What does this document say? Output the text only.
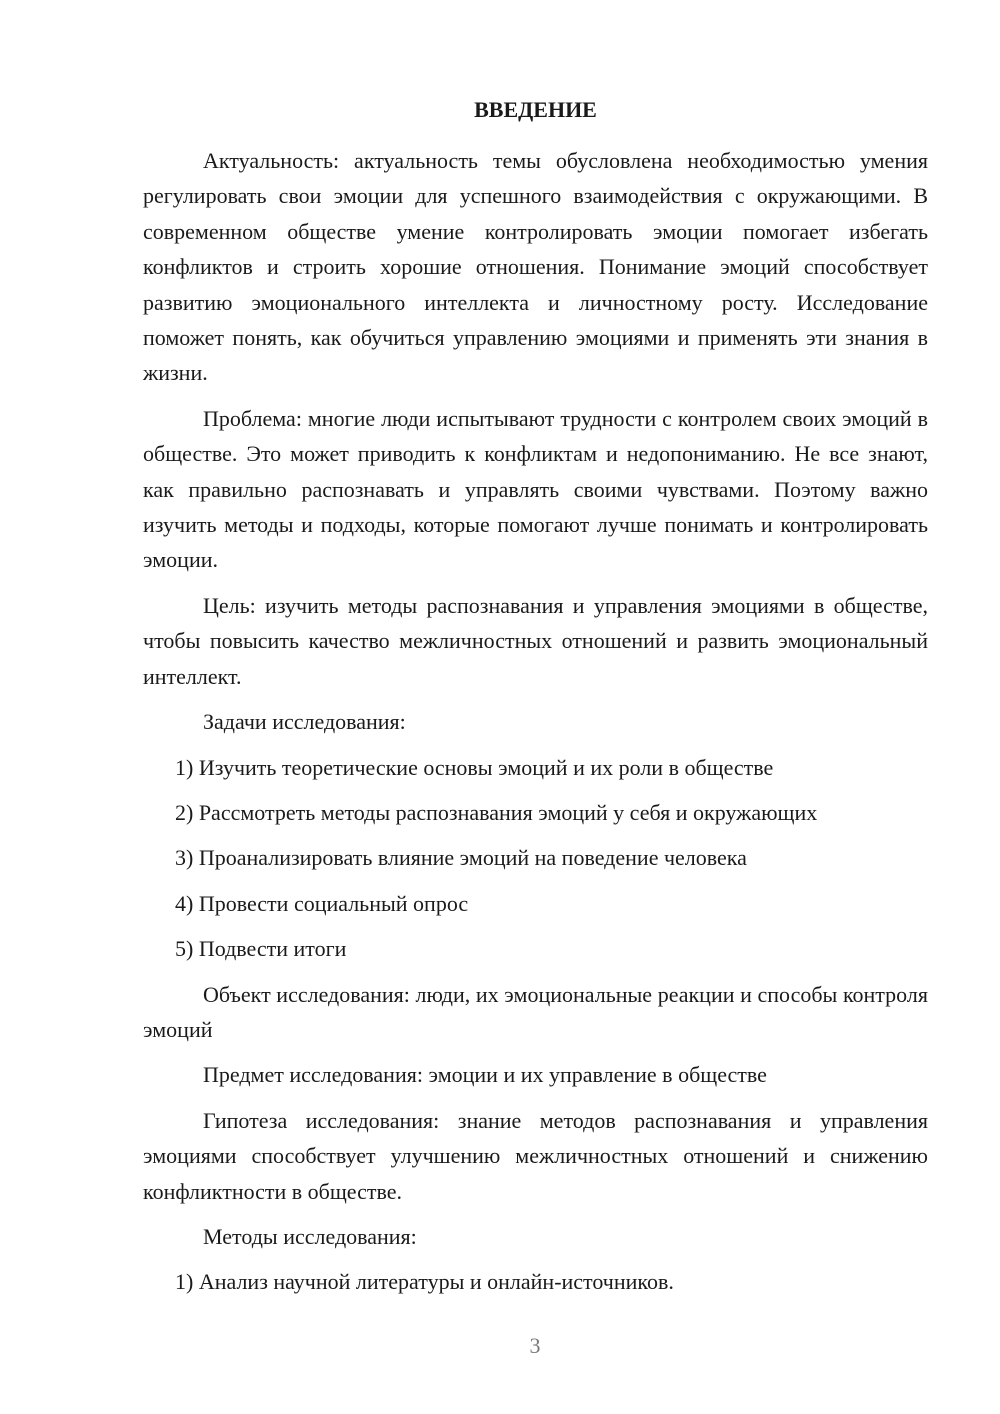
ВВЕДЕНИЕ

Актуальность: актуальность темы обусловлена необходимостью умения регулировать свои эмоции для успешного взаимодействия с окружающими. В современном обществе умение контролировать эмоции помогает избегать конфликтов и строить хорошие отношения. Понимание эмоций способствует развитию эмоционального интеллекта и личностному росту. Исследование поможет понять, как обучиться управлению эмоциями и применять эти знания в жизни.

Проблема: многие люди испытывают трудности с контролем своих эмоций в обществе. Это может приводить к конфликтам и недопониманию. Не все знают, как правильно распознавать и управлять своими чувствами. Поэтому важно изучить методы и подходы, которые помогают лучше понимать и контролировать эмоции.

Цель: изучить методы распознавания и управления эмоциями в обществе, чтобы повысить качество межличностных отношений и развить эмоциональный интеллект.

Задачи исследования:

1) Изучить теоретические основы эмоций и их роли в обществе
2) Рассмотреть методы распознавания эмоций у себя и окружающих
3) Проанализировать влияние эмоций на поведение человека
4) Провести социальный опрос
5) Подвести итоги

Объект исследования: люди, их эмоциональные реакции и способы контроля эмоций

Предмет исследования: эмоции и их управление в обществе

Гипотеза исследования: знание методов распознавания и управления эмоциями способствует улучшению межличностных отношений и снижению конфликтности в обществе.

Методы исследования:

1) Анализ научной литературы и онлайн-источников.
3
